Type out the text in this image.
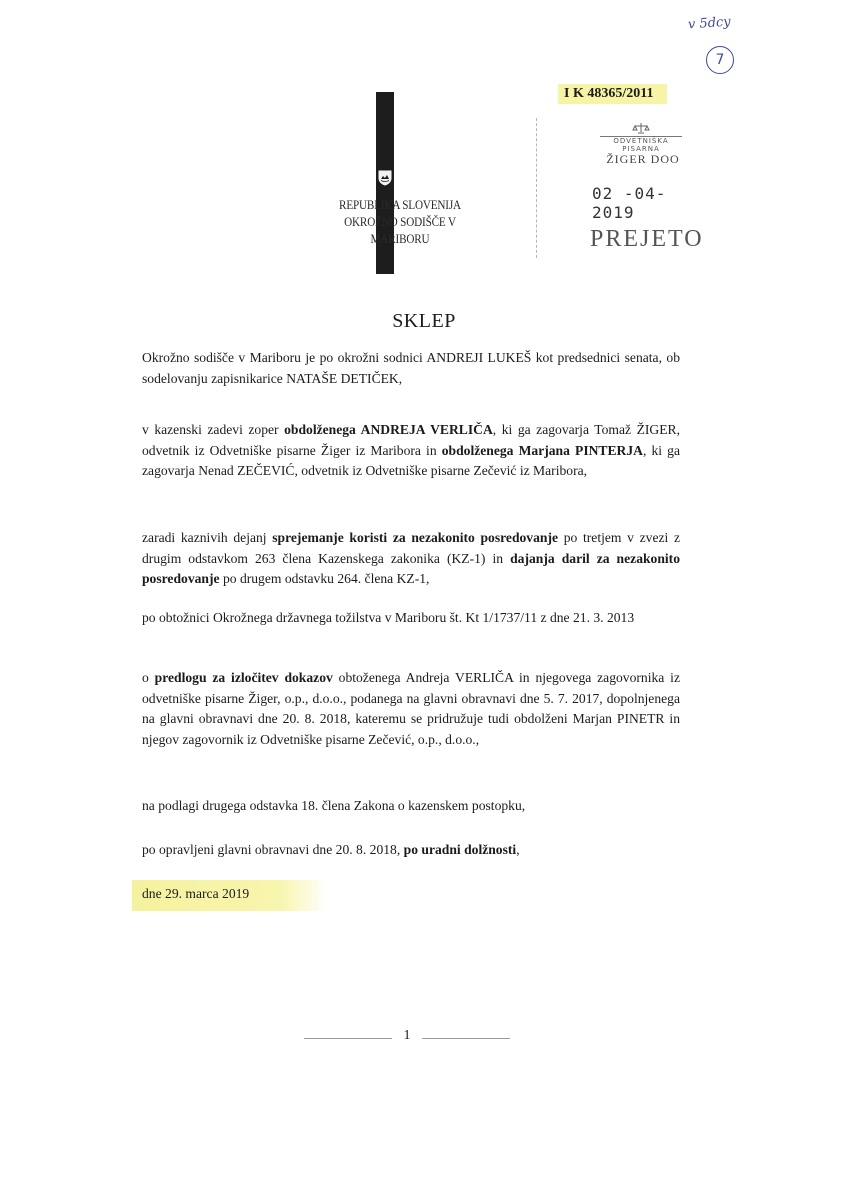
v 5dcy
7
REPUBLIKA SLOVENIJA
OKROŽNO SODIŠČE V MARIBORU
I K 48365/2011
ODVETNIŠKA PISARNA
ŽIGER DOO
02 -04- 2019
PREJETO
SKLEP
Okrožno sodišče v Mariboru je po okrožni sodnici ANDREJI LUKEŠ kot predsednici senata, ob sodelovanju zapisnikarice NATAŠE DETIČEK,
v kazenski zadevi zoper obdolženega ANDREJA VERLIČA, ki ga zagovarja Tomaž ŽIGER, odvetnik iz Odvetniške pisarne Žiger iz Maribora in obdolženega Marjana PINTERJA, ki ga zagovarja Nenad ZEČEVIĆ, odvetnik iz Odvetniške pisarne Zečević iz Maribora,
zaradi kaznivih dejanj sprejemanje koristi za nezakonito posredovanje po tretjem v zvezi z drugim odstavkom 263 člena Kazenskega zakonika (KZ-1) in dajanja daril za nezakonito posredovanje po drugem odstavku 264. člena KZ-1,
po obtožnici Okrožnega državnega tožilstva v Mariboru št. Kt 1/1737/11 z dne 21. 3. 2013
o predlogu za izločitev dokazov obtoženega Andreja VERLIČA in njegovega zagovornika iz odvetniške pisarne Žiger, o.p., d.o.o., podanega na glavni obravnavi dne 5. 7. 2017, dopolnjenega na glavni obravnavi dne 20. 8. 2018, kateremu se pridružuje tudi obdolženi Marjan PINETR in njegov zagovornik iz Odvetniške pisarne Zečević, o.p., d.o.o.,
na podlagi drugega odstavka 18. člena Zakona o kazenskem postopku,
po opravljeni glavni obravnavi dne 20. 8. 2018, po uradni dolžnosti,
dne 29. marca 2019
1
